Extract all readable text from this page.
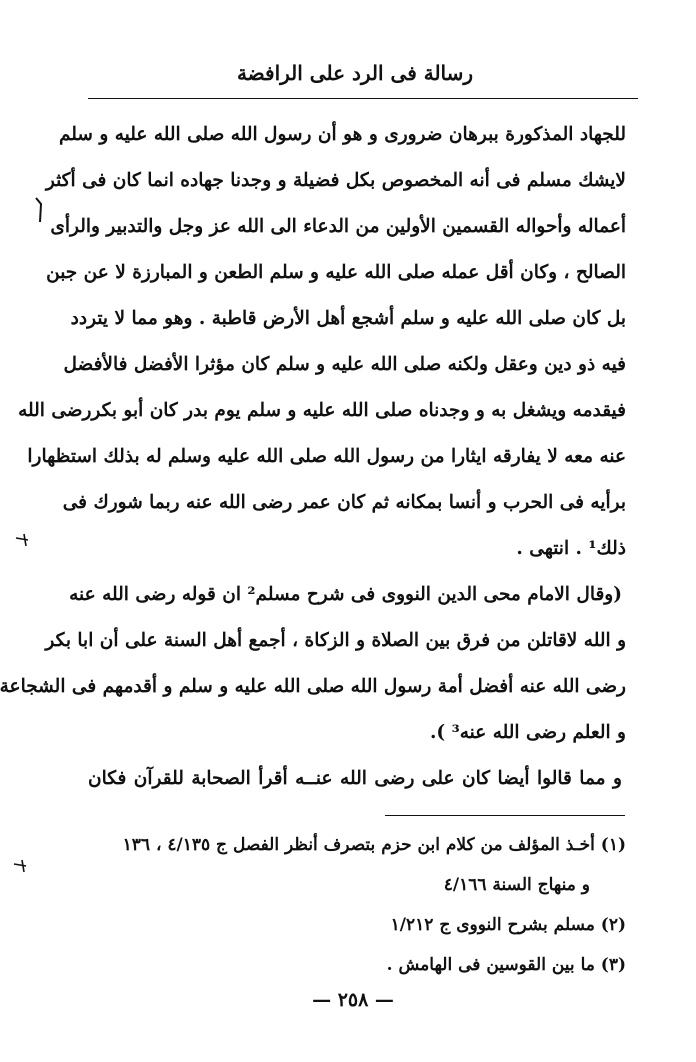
رسالة فى الرد على الرافضة
للجهاد المذكورة ببرهان ضرورى و هو أن رسول الله صلى الله عليه و سلم
لايشك مسلم فى أنه المخصوص بكل فضيلة و وجدنا جهاده انما كان فى أكثر
أعماله وأحواله القسمين الأولين من الدعاء الى الله عز وجل والتدبير والرأى
الصالح ، وكان أقل عمله صلى الله عليه و سلم الطعن و المبارزة لا عن جبن
بل كان صلى الله عليه و سلم أشجع أهل الأرض قاطبة . وهو مما لا يتردد
فيه ذو دين وعقل ولكنه صلى الله عليه و سلم كان مؤثرا الأفضل فالأفضل
فيقدمه ويشغل به و وجدناه صلى الله عليه و سلم يوم بدر كان أبو بكررضى الله
عنه معه لا يفارقه ايثارا من رسول الله صلى الله عليه وسلم له بذلك استظهارا
برأيه فى الحرب و أنسا بمكانه ثم كان عمر رضى الله عنه ربما شورك فى
ذلك¹ . انتهى .
(وقال الامام محى الدين النووى فى شرح مسلم² ان قوله رضى الله عنه
و الله لاقاتلن من فرق بين الصلاة و الزكاة ، أجمع أهل السنة على أن ابا بكر
رضى الله عنه أفضل أمة رسول الله صلى الله عليه و سلم و أقدمهم فى الشجاعة
و العلم رضى الله عنه³ ).
و مما قالوا أيضا كان على رضى الله عنــه أقرأ الصحابة للقرآن فكان
(١) أخـذ المؤلف من كلام ابن حزم بتصرف أنظر الفصل ج ٤/١٣٥ ، ١٣٦
و منهاج السنة ٤/١٦٦
(٢) مسلم بشرح النووى ج ١/٢١٢
(٣) ما بين القوسين فى الهامش .
— ٢٥٨ —
